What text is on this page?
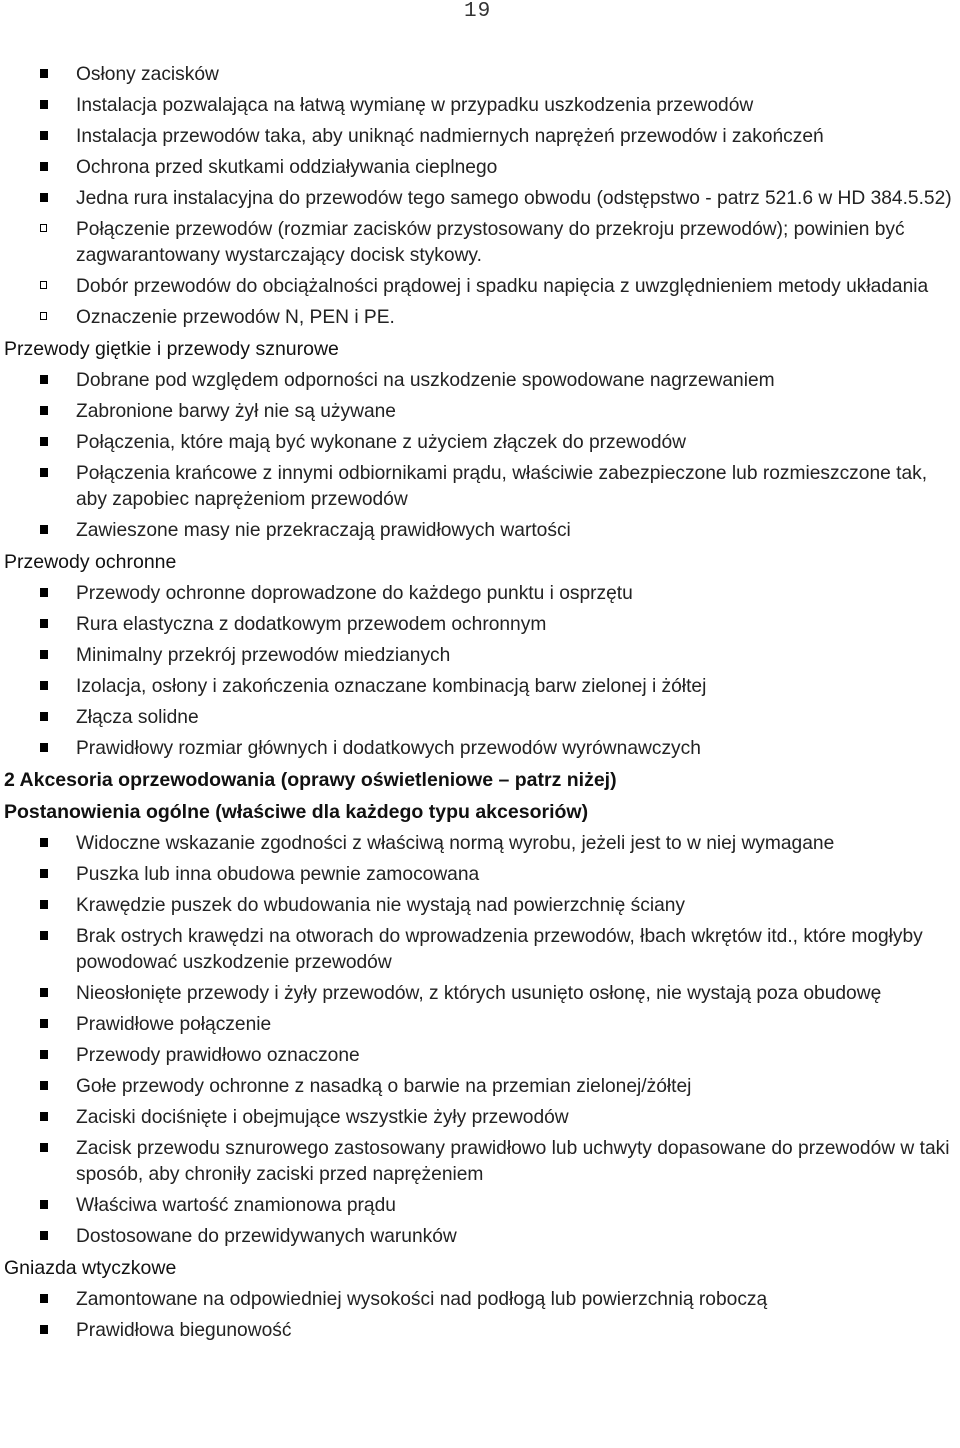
19
Osłony zacisków
Instalacja pozwalająca na łatwą wymianę w przypadku uszkodzenia przewodów
Instalacja przewodów taka, aby uniknąć nadmiernych naprężeń przewodów i zakończeń
Ochrona przed skutkami oddziaływania cieplnego
Jedna rura instalacyjna do przewodów tego samego obwodu (odstępstwo - patrz 521.6 w HD 384.5.52)
Połączenie przewodów (rozmiar zacisków przystosowany do przekroju przewodów); powinien być zagwarantowany wystarczający docisk stykowy.
Dobór przewodów do obciążalności prądowej i spadku napięcia z uwzględnieniem metody układania
Oznaczenie przewodów N, PEN i PE.
Przewody giętkie i przewody sznurowe
Dobrane pod względem odporności na uszkodzenie spowodowane nagrzewaniem
Zabronione barwy żył nie są używane
Połączenia, które mają być wykonane z użyciem złączek do przewodów
Połączenia krańcowe z innymi odbiornikami prądu, właściwie zabezpieczone lub rozmieszczone tak, aby zapobiec naprężeniom przewodów
Zawieszone masy nie przekraczają prawidłowych wartości
Przewody ochronne
Przewody ochronne doprowadzone do każdego punktu i osprzętu
Rura elastyczna z dodatkowym przewodem ochronnym
Minimalny przekrój przewodów miedzianych
Izolacja, osłony i zakończenia oznaczane kombinacją barw zielonej i żółtej
Złącza solidne
Prawidłowy rozmiar głównych i dodatkowych przewodów wyrównawczych
2 Akcesoria oprzewodowania (oprawy oświetleniowe – patrz niżej)
Postanowienia ogólne (właściwe dla każdego typu akcesoriów)
Widoczne wskazanie zgodności z właściwą normą wyrobu, jeżeli jest to w niej wymagane
Puszka lub inna obudowa pewnie zamocowana
Krawędzie puszek do wbudowania nie wystają nad powierzchnię ściany
Brak ostrych krawędzi na otworach do wprowadzenia przewodów, łbach wkrętów itd., które mogłyby powodować uszkodzenie przewodów
Nieosłonięte przewody i żyły przewodów, z których usunięto osłonę, nie wystają poza obudowę
Prawidłowe połączenie
Przewody prawidłowo oznaczone
Gołe przewody ochronne z nasadką o barwie na przemian zielonej/żółtej
Zaciski dociśnięte i obejmujące wszystkie żyły przewodów
Zacisk przewodu sznurowego zastosowany prawidłowo lub uchwyty dopasowane do przewodów w taki sposób, aby chroniły zaciski przed naprężeniem
Właściwa wartość znamionowa prądu
Dostosowane do przewidywanych warunków
Gniazda wtyczkowe
Zamontowane na odpowiedniej wysokości nad podłogą lub powierzchnią roboczą
Prawidłowa biegunowość
